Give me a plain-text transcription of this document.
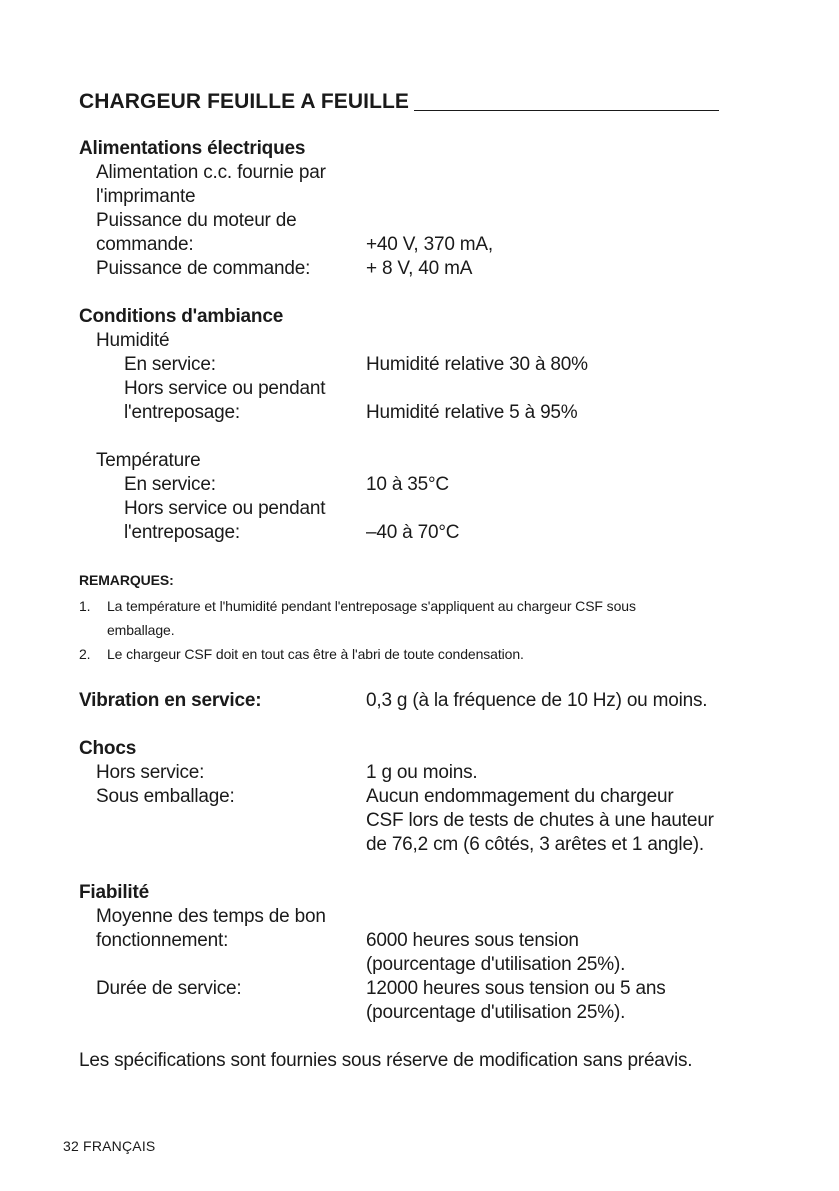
CHARGEUR FEUILLE A FEUILLE
Alimentations électriques
Alimentation c.c. fournie par
l'imprimante
Puissance du moteur de
commande:	+40 V, 370 mA,
Puissance de commande:	+ 8 V, 40 mA
Conditions d'ambiance
Humidité
En service:	Humidité relative 30 à 80%
Hors service ou pendant
l'entreposage:	Humidité relative 5 à 95%
Température
En service:	10 à 35°C
Hors service ou pendant
l'entreposage:	–40 à 70°C
REMARQUES:
1. La température et l'humidité pendant l'entreposage s'appliquent au chargeur CSF sous
emballage.
2. Le chargeur CSF doit en tout cas être à l'abri de toute condensation.
Vibration en service:	0,3 g (à la fréquence de 10 Hz) ou moins.
Chocs
Hors service:	1 g ou moins.
Sous emballage:	Aucun endommagement du chargeur
CSF lors de tests de chutes à une hauteur
de 76,2 cm (6 côtés, 3 arêtes et 1 angle).
Fiabilité
Moyenne des temps de bon
fonctionnement:	6000 heures sous tension
(pourcentage d'utilisation 25%).
Durée de service:	12000 heures sous tension ou 5 ans
(pourcentage d'utilisation 25%).
Les spécifications sont fournies sous réserve de modification sans préavis.
32 FRANÇAIS
